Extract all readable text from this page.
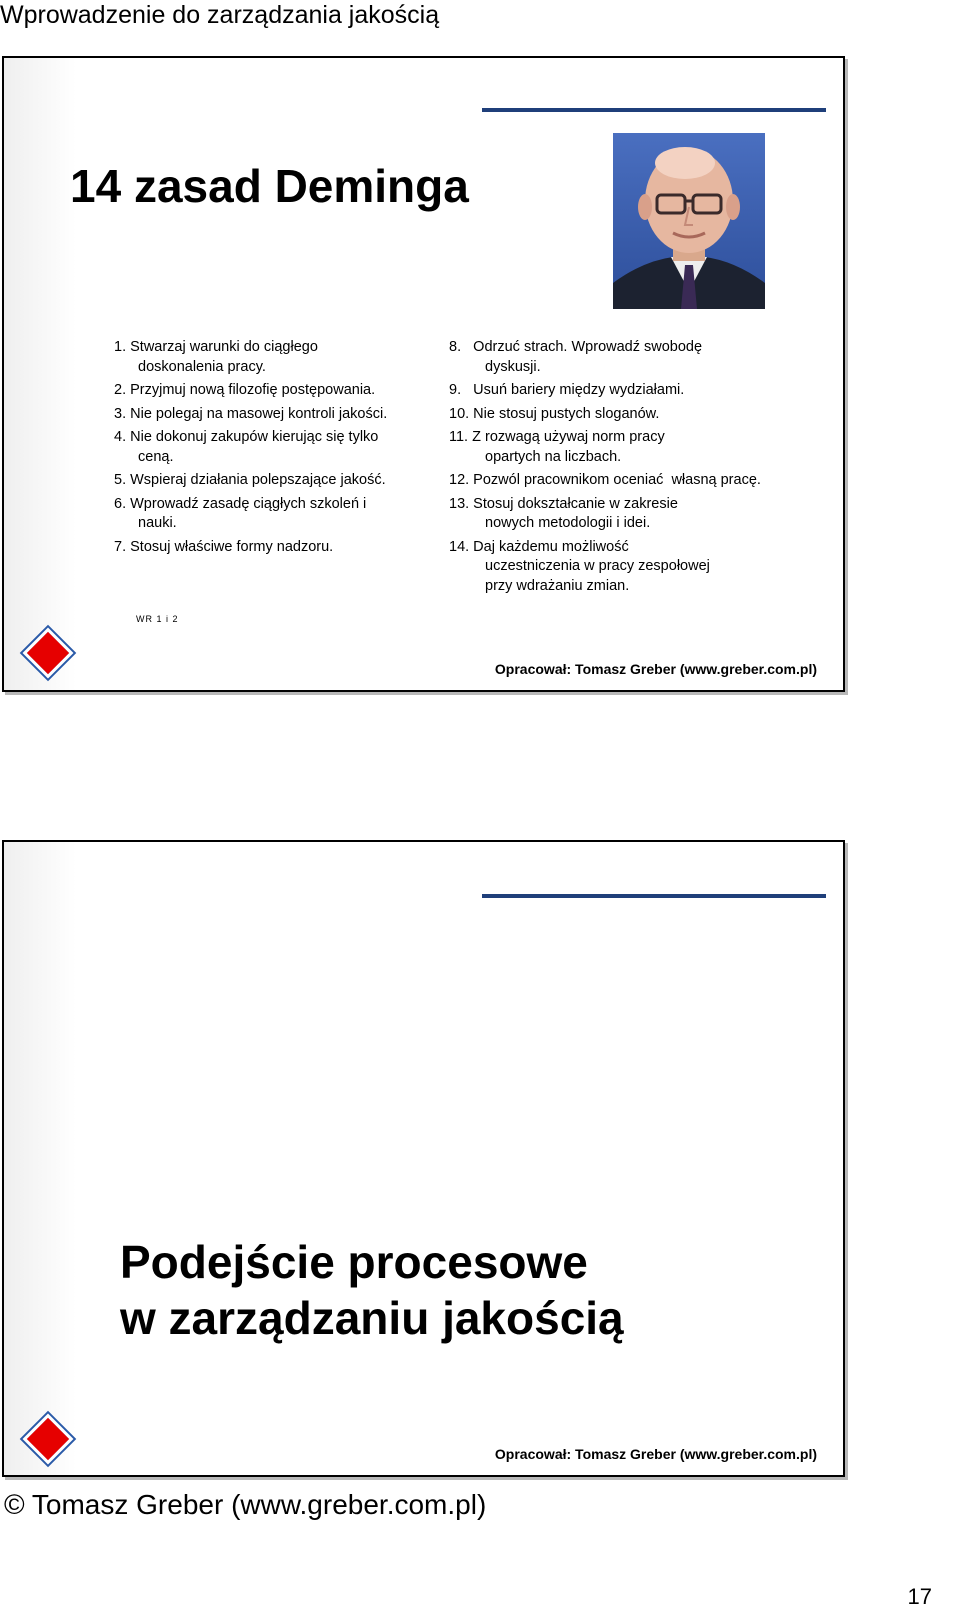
Wprowadzenie do zarządzania jakością
14 zasad Deminga
1. Stwarzaj warunki do ciągłego
doskonalenia pracy.
2. Przyjmuj nową filozofię postępowania.
3. Nie polegaj na masowej kontroli jakości.
4. Nie dokonuj zakupów kierując się tylko
ceną.
5. Wspieraj działania polepszające jakość.
6. Wprowadź zasadę ciągłych szkoleń i
nauki.
7. Stosuj właściwe formy nadzoru.
8.   Odrzuć strach. Wprowadź swobodę
dyskusji.
9.   Usuń bariery między wydziałami.
10. Nie stosuj pustych sloganów.
11. Z rozwagą używaj norm pracy
opartych na liczbach.
12. Pozwól pracownikom oceniać  własną pracę.
13. Stosuj dokształcanie w zakresie
nowych metodologii i idei.
14. Daj każdemu możliwość
uczestniczenia w pracy zespołowej
przy wdrażaniu zmian.
WR 1 i 2
Opracował: Tomasz Greber (www.greber.com.pl)
Podejście procesowe
w zarządzaniu jakością
Opracował: Tomasz Greber (www.greber.com.pl)
© Tomasz Greber (www.greber.com.pl)
17
